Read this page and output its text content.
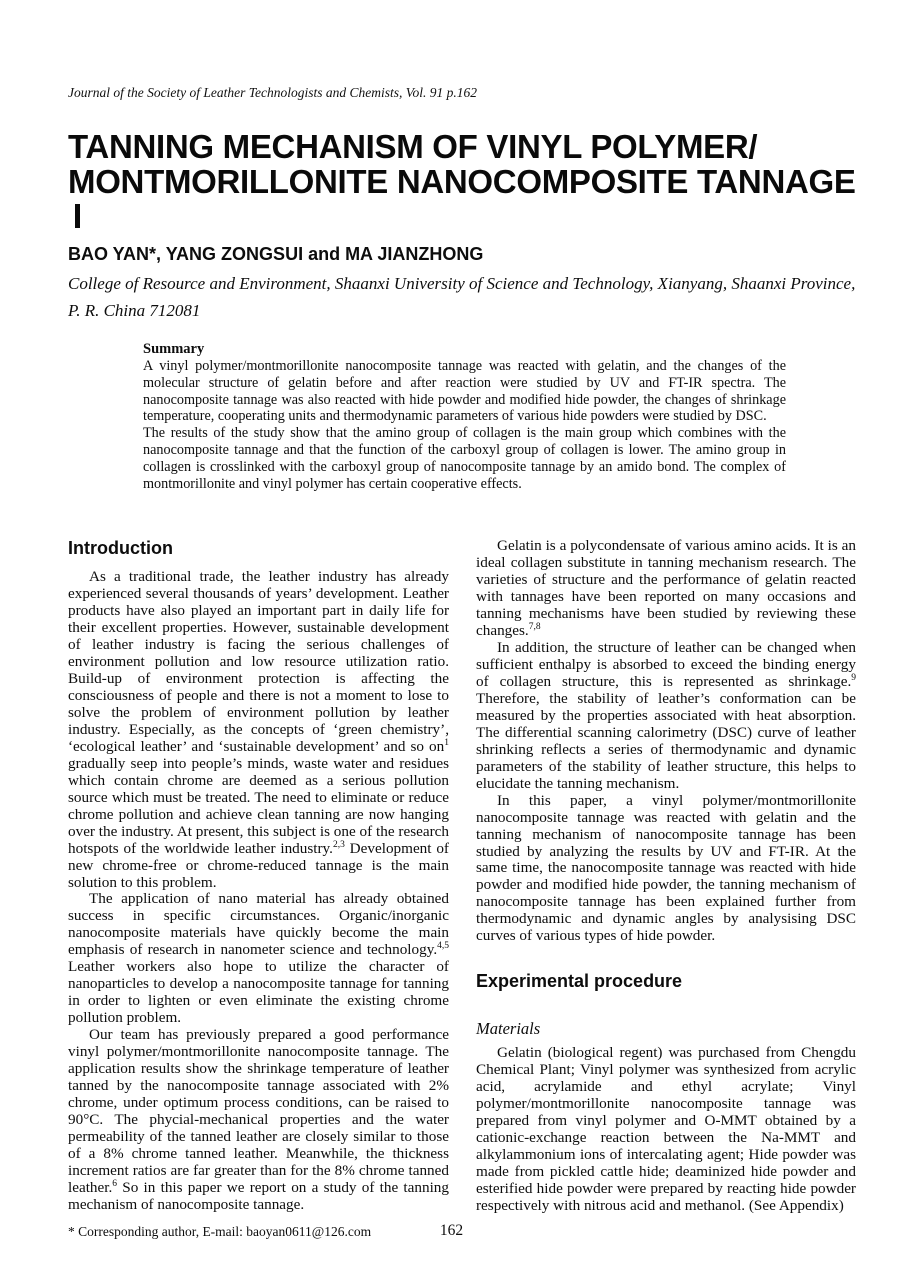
Journal of the Society of Leather Technologists and Chemists, Vol. 91 p.162
TANNING MECHANISM OF VINYL POLYMER/
MONTMORILLONITE NANOCOMPOSITE TANNAGE
BAO YAN*, YANG ZONGSUI and MA JIANZHONG
College of Resource and Environment, Shaanxi University of Science and Technology, Xianyang, Shaanxi Province,
P. R. China 712081
Summary

A vinyl polymer/montmorillonite nanocomposite tannage was reacted with gelatin, and the changes of the molecular structure of gelatin before and after reaction were studied by UV and FT-IR spectra. The nanocomposite tannage was also reacted with hide powder and modified hide powder, the changes of shrinkage temperature, cooperating units and thermodynamic parameters of various hide powders were studied by DSC.

The results of the study show that the amino group of collagen is the main group which combines with the nanocomposite tannage and that the function of the carboxyl group of collagen is lower. The amino group in collagen is crosslinked with the carboxyl group of nanocomposite tannage by an amido bond. The complex of montmorillonite and vinyl polymer has certain cooperative effects.

Introduction

As a traditional trade, the leather industry has already experienced several thousands of years’ development. Leather products have also played an important part in daily life for their excellent properties. However, sustainable development of leather industry is facing the serious challenges of environment pollution and low resource utilization ratio. Build-up of environment protection is affecting the consciousness of people and there is not a moment to lose to solve the problem of environment pollution by leather industry. Especially, as the concepts of ‘green chemistry’, ‘ecological leather’ and ‘sustainable development’ and so $on^1$ gradually seep into people’s minds, waste water and residues which contain chrome are deemed as a serious pollution source which must be treated. The need to eliminate or reduce chrome pollution and achieve clean tanning are now hanging over the industry. At present, this subject is one of the research hotspots of the worldwide leather industry.$^{2,3}$ Development of new chrome-free or chrome-reduced tannage is the main solution to this problem.

The application of nano material has already obtained success in specific circumstances. Organic/inorganic nanocomposite materials have quickly become the main emphasis of research in nanometer science and technology.$^{4,5}$ Leather workers also hope to utilize the character of nanoparticles to develop a nanocomposite tannage for tanning in order to lighten or even eliminate the existing chrome pollution problem.

Our team has previously prepared a good performance vinyl polymer/montmorillonite nanocomposite tannage. The application results show the shrinkage temperature of leather tanned by the nanocomposite tannage associated with 2% chrome, under optimum process conditions, can be raised to 90°C. The phycial-mechanical properties and the water permeability of the tanned leather are closely similar to those of a 8% chrome tanned leather. Meanwhile, the thickness increment ratios are far greater than for the 8% chrome tanned leather.$^6$ So in this paper we report on a study of the tanning mechanism of nanocomposite tannage.

* Corresponding author, E-mail: baoyan0611@126.com

Gelatin is a polycondensate of various amino acids. It is an ideal collagen substitute in tanning mechanism research. The varieties of structure and the performance of gelatin reacted with tannages have been reported on many occasions and tanning mechanisms have been studied by reviewing these changes.$^{7,8}$

In addition, the structure of leather can be changed when sufficient enthalpy is absorbed to exceed the binding energy of collagen structure, this is represented as shrinkage.$^9$ Therefore, the stability of leather’s conformation can be measured by the properties associated with heat absorption. The differential scanning calorimetry (DSC) curve of leather shrinking reflects a series of thermodynamic and dynamic parameters of the stability of leather structure, this helps to elucidate the tanning mechanism.

In this paper, a vinyl polymer/montmorillonite nanocomposite tannage was reacted with gelatin and the tanning mechanism of nanocomposite tannage has been studied by analyzing the results by UV and FT-IR. At the same time, the nanocomposite tannage was reacted with hide powder and modified hide powder, the tanning mechanism of nanocomposite tannage has been explained further from thermodynamic and dynamic angles by analysising DSC curves of various types of hide powder.

Experimental procedure
Materials

Gelatin (biological regent) was purchased from Chengdu Chemical Plant; Vinyl polymer was synthesized from acrylic acid, acrylamide and ethyl acrylate; Vinyl polymer/montmorillonite nanocomposite tannage was prepared from vinyl polymer and O-MMT obtained by a cationic-exchange reaction between the Na-MMT and alkylammonium ions of intercalating agent; Hide powder was made from pickled cattle hide; deaminized hide powder and esterified hide powder were prepared by reacting hide powder respectively with nitrous acid and methanol. (See Appendix)

162
